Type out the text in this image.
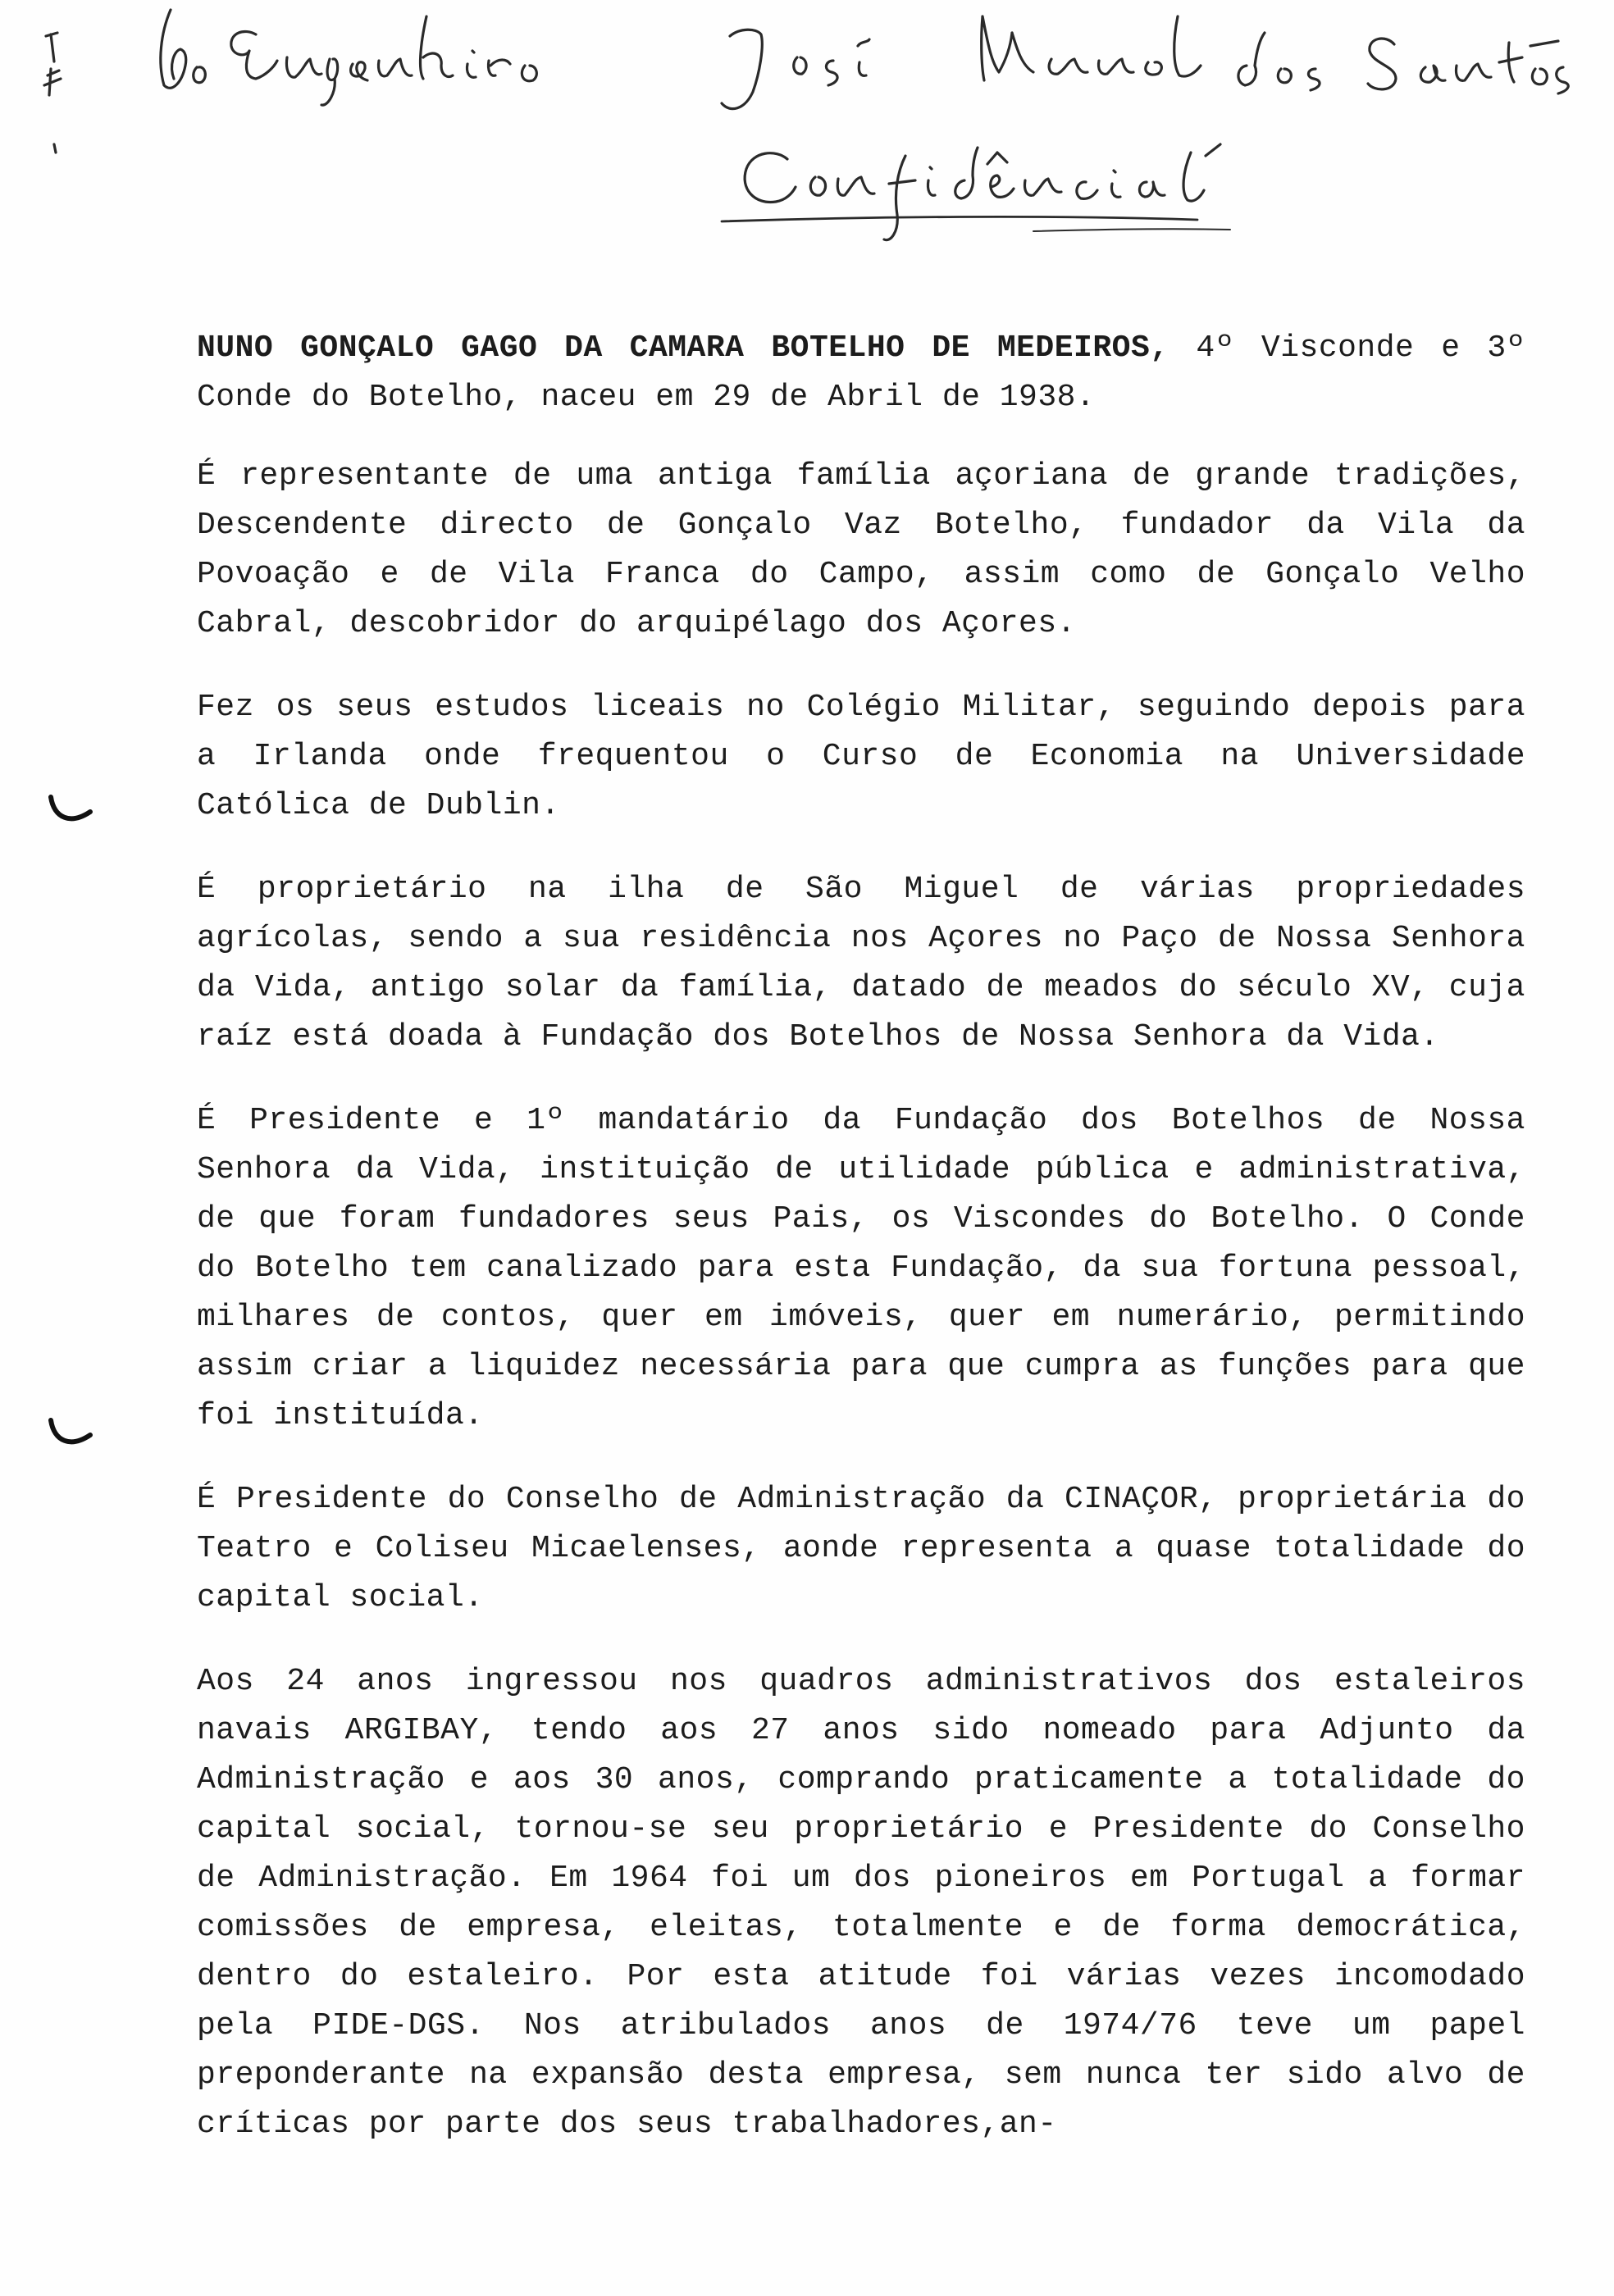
NUNO GONÇALO GAGO DA CAMARA BOTELHO DE MEDEIROS, 4º Visconde e 3º Conde do Botelho, naceu em 29 de Abril de 1938.

É representante de uma antiga família açoriana de grande tradições, Descendente directo de Gonçalo Vaz Botelho, fundador da Vila da Povoação e de Vila Franca do Campo, assim como de Gonçalo Velho Cabral, descobridor do arquipélago dos Açores.

Fez os seus estudos liceais no Colégio Militar, seguindo depois para a Irlanda onde frequentou o Curso de Economia na Universidade Católica de Dublin.

É proprietário na ilha de São Miguel de várias propriedades agrícolas, sendo a sua residência nos Açores no Paço de Nossa Senhora da Vida, antigo solar da família, datado de meados do século XV, cuja raíz está doada à Fundação dos Botelhos de Nossa Senhora da Vida.

É Presidente e 1º mandatário da Fundação dos Botelhos de Nossa Senhora da Vida, instituição de utilidade pública e administrativa, de que foram fundadores seus Pais, os Viscondes do Botelho. O Conde do Botelho tem canalizado para esta Fundação, da sua fortuna pessoal, milhares de contos, quer em imóveis, quer em numerário, permitindo assim criar a liquidez necessária para que cumpra as funções para que foi instituída.

É Presidente do Conselho de Administração da CINAÇOR, proprietária do Teatro e Coliseu Micaelenses, aonde representa a quase totalidade do capital social.

Aos 24 anos ingressou nos quadros administrativos dos estaleiros navais ARGIBAY, tendo aos 27 anos sido nomeado para Adjunto da Administração e aos 30 anos, comprando praticamente a totalidade do capital social, tornou-se seu proprietário e Presidente do Conselho de Administração. Em 1964 foi um dos pioneiros em Portugal a formar comissões de empresa, eleitas, totalmente e de forma democrática, dentro do estaleiro. Por esta atitude foi várias vezes incomodado pela PIDE-DGS. Nos atribulados anos de 1974/76 teve um papel preponderante na expansão desta empresa, sem nunca ter sido alvo de críticas por parte dos seus trabalhadores,an-
